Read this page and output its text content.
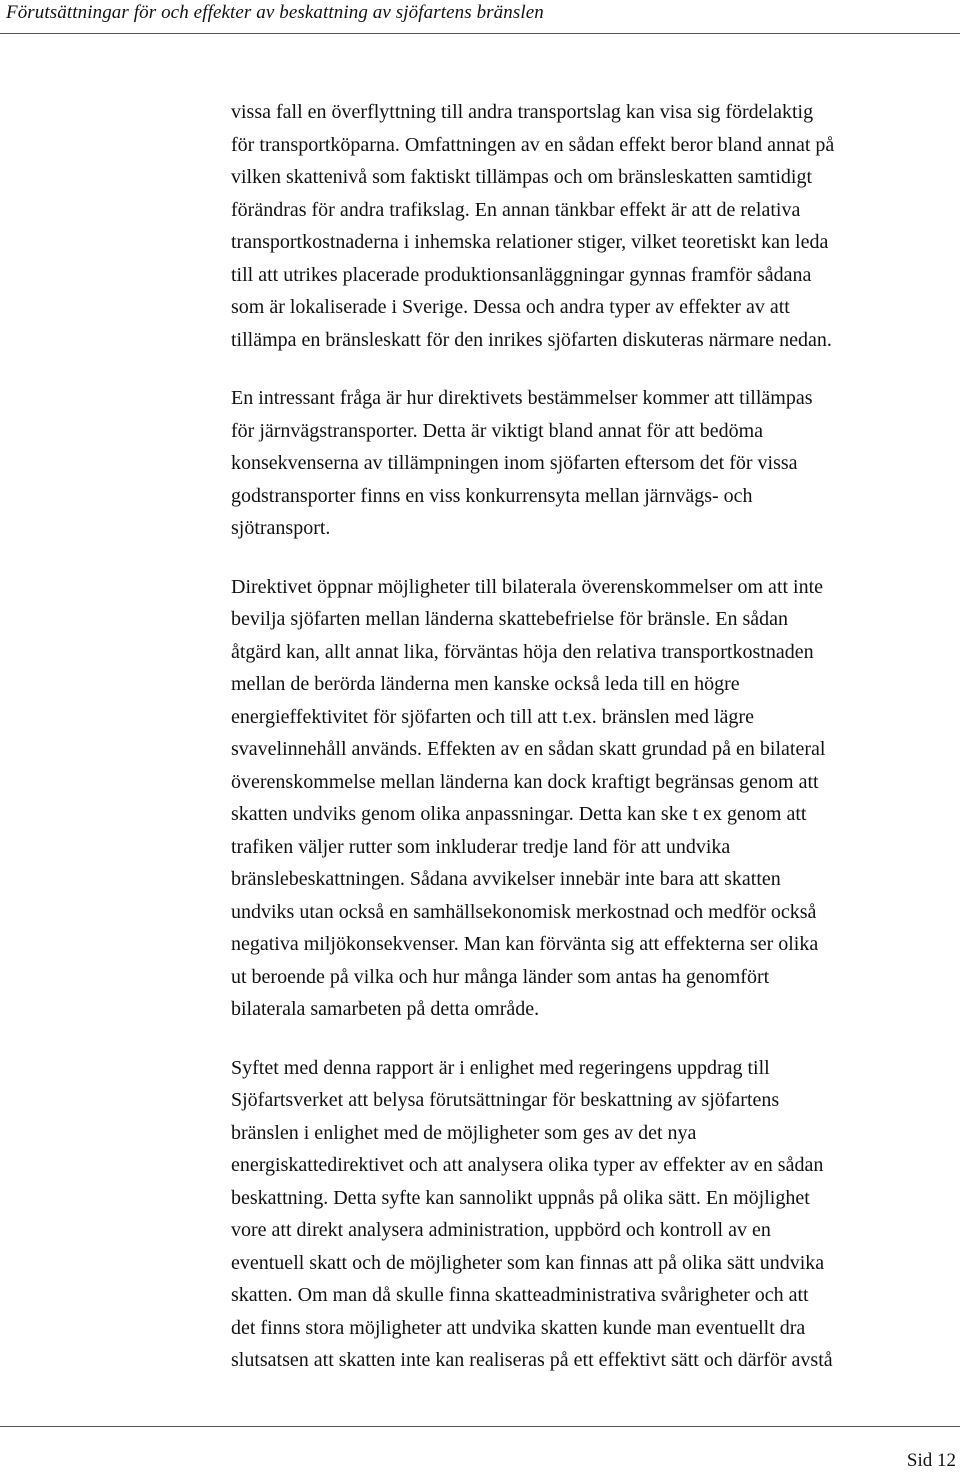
Förutsättningar för och effekter av beskattning av sjöfartens bränslen

vissa fall en överflyttning till andra transportslag kan visa sig fördelaktig
för transportköparna. Omfattningen av en sådan effekt beror bland annat på
vilken skattenivå som faktiskt tillämpas och om bränsleskatten samtidigt
förändras för andra trafikslag. En annan tänkbar effekt är att de relativa
transportkostnaderna i inhemska relationer stiger, vilket teoretiskt kan leda
till att utrikes placerade produktionsanläggningar gynnas framför sådana
som är lokaliserade i Sverige. Dessa och andra typer av effekter av att
tillämpa en bränsleskatt för den inrikes sjöfarten diskuteras närmare nedan.

En intressant fråga är hur direktivets bestämmelser kommer att tillämpas
för järnvägstransporter. Detta är viktigt bland annat för att bedöma
konsekvenserna av tillämpningen inom sjöfarten eftersom det för vissa
godstransporter finns en viss konkurrensyta mellan järnvägs- och
sjötransport.

Direktivet öppnar möjligheter till bilaterala överenskommelser om att inte
bevilja sjöfarten mellan länderna skattebefrielse för bränsle. En sådan
åtgärd kan, allt annat lika, förväntas höja den relativa transportkostnaden
mellan de berörda länderna men kanske också leda till en högre
energieffektivitet för sjöfarten och till att t.ex. bränslen med lägre
svavelinnehåll används. Effekten av en sådan skatt grundad på en bilateral
överenskommelse mellan länderna kan dock kraftigt begränsas genom att
skatten undviks genom olika anpassningar. Detta kan ske t ex genom att
trafiken väljer rutter som inkluderar tredje land för att undvika
bränslebeskattningen. Sådana avvikelser innebär inte bara att skatten
undviks utan också en samhällsekonomisk merkostnad och medför också
negativa miljökonsekvenser. Man kan förvänta sig att effekterna ser olika
ut beroende på vilka och hur många länder som antas ha genomfört
bilaterala samarbeten på detta område.

Syftet med denna rapport är i enlighet med regeringens uppdrag till
Sjöfartsverket att belysa förutsättningar för beskattning av sjöfartens
bränslen i enlighet med de möjligheter som ges av det nya
energiskattedirektivet och att analysera olika typer av effekter av en sådan
beskattning. Detta syfte kan sannolikt uppnås på olika sätt. En möjlighet
vore att direkt analysera administration, uppbörd och kontroll av en
eventuell skatt och de möjligheter som kan finnas att på olika sätt undvika
skatten. Om man då skulle finna skatteadministrativa svårigheter och att
det finns stora möjligheter att undvika skatten kunde man eventuellt dra
slutsatsen att skatten inte kan realiseras på ett effektivt sätt och därför avstå

Sid 12
